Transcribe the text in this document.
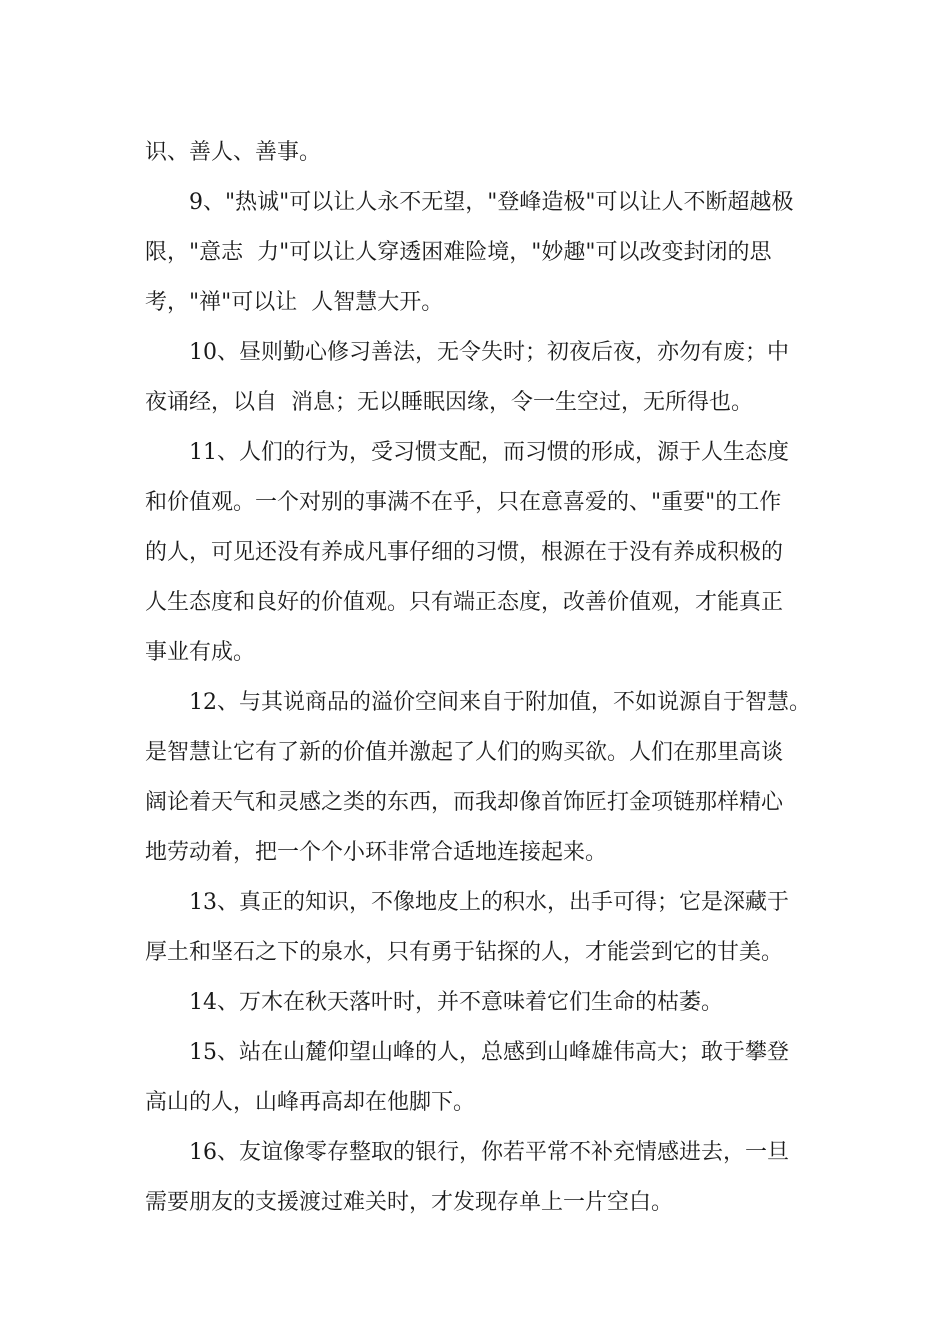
识、善人、善事。
9、"热诚"可以让人永不无望，"登峰造极"可以让人不断超越极
限，"意志  力"可以让人穿透困难险境，"妙趣"可以改变封闭的思
考，"禅"可以让  人智慧大开。
10、昼则勤心修习善法，无令失时；初夜后夜，亦勿有废；中
夜诵经，以自  消息；无以睡眠因缘，令一生空过，无所得也。
11、人们的行为，受习惯支配，而习惯的形成，源于人生态度
和价值观。一个对别的事满不在乎，只在意喜爱的、"重要"的工作
的人，可见还没有养成凡事仔细的习惯，根源在于没有养成积极的
人生态度和良好的价值观。只有端正态度，改善价值观，才能真正
事业有成。
12、与其说商品的溢价空间来自于附加值，不如说源自于智慧。
是智慧让它有了新的价值并激起了人们的购买欲。人们在那里高谈
阔论着天气和灵感之类的东西，而我却像首饰匠打金项链那样精心
地劳动着，把一个个小环非常合适地连接起来。
13、真正的知识，不像地皮上的积水，出手可得；它是深藏于
厚土和坚石之下的泉水，只有勇于钻探的人，才能尝到它的甘美。
14、万木在秋天落叶时，并不意味着它们生命的枯萎。
15、站在山麓仰望山峰的人，总感到山峰雄伟高大；敢于攀登
高山的人，山峰再高却在他脚下。
16、友谊像零存整取的银行，你若平常不补充情感进去，一旦
需要朋友的支援渡过难关时，才发现存单上一片空白。
